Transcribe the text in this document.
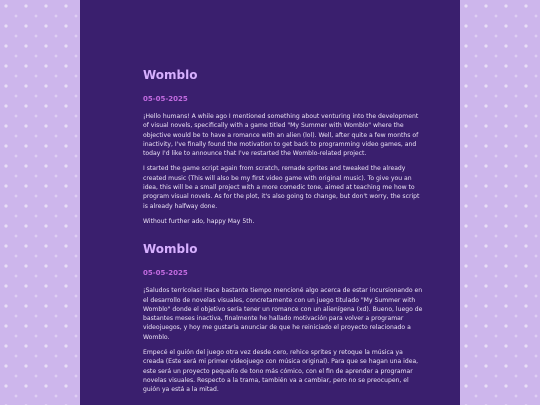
Womblo
05-05-2025

¡Hello humans! A while ago I mentioned something about venturing into the development of visual novels, specifically with a game titled "My Summer with Womblo" where the objective would be to have a romance with an alien (lol). Well, after quite a few months of inactivity, I've finally found the motivation to get back to programming video games, and today I'd like to announce that I've restarted the Womblo-related project.

I started the game script again from scratch, remade sprites and tweaked the already created music (This will also be my first video game with original music). To give you an idea, this will be a small project with a more comedic tone, aimed at teaching me how to program visual novels. As for the plot, it's also going to change, but don't worry, the script is already halfway done.

Without further ado, happy May 5th.

Womblo
05-05-2025

¡Saludos terrícolas! Hace bastante tiempo mencioné algo acerca de estar incursionando en el desarrollo de novelas visuales, concretamente con un juego titulado "My Summer with Womblo" donde el objetivo sería tener un romance con un alienígena (xd). Bueno, luego de bastantes meses inactiva, finalmente he hallado motivación para volver a programar videojuegos, y hoy me gustaría anunciar de que he reiniciado el proyecto relacionado a Womblo.

Empecé el guión del juego otra vez desde cero, rehice sprites y retoque la música ya creada (Este será mi primer videojuego con música original). Para que se hagan una idea, este será un proyecto pequeño de tono más cómico, con el fin de aprender a programar novelas visuales. Respecto a la trama, también va a cambiar, pero no se preocupen, el guión ya está a la mitad.
